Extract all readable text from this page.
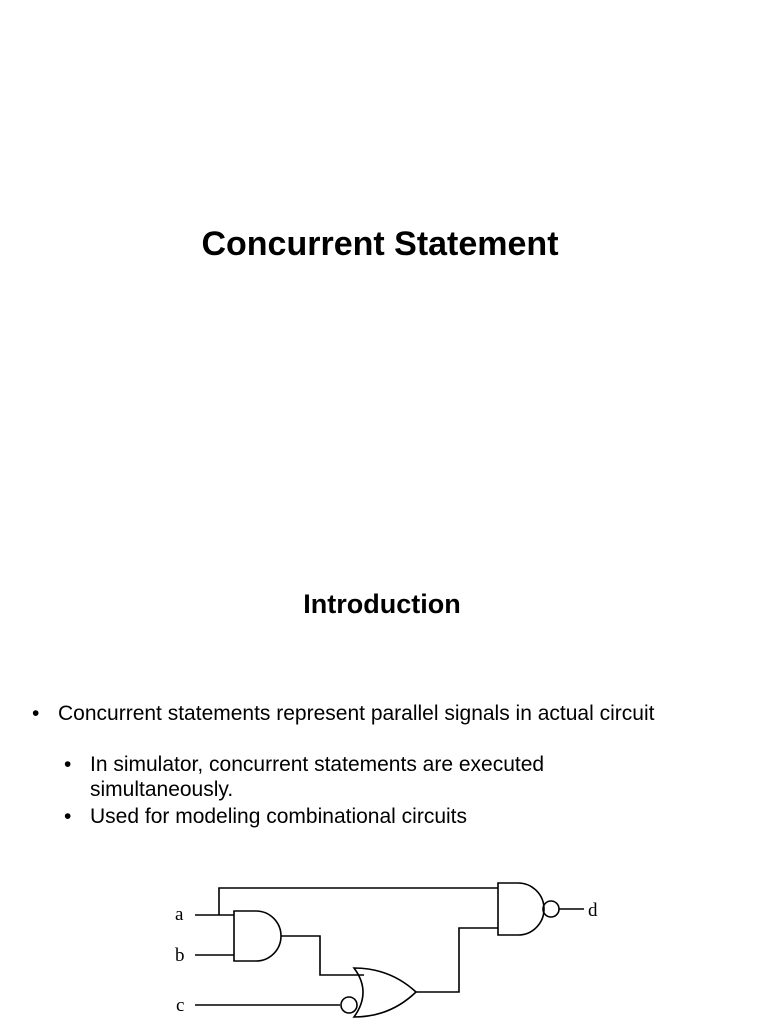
Concurrent Statement
Introduction
• Concurrent statements represent parallel signals in actual circuit
• In simulator, concurrent statements are executed simultaneously.
• Used for modeling combinational circuits
a
b
c
d
